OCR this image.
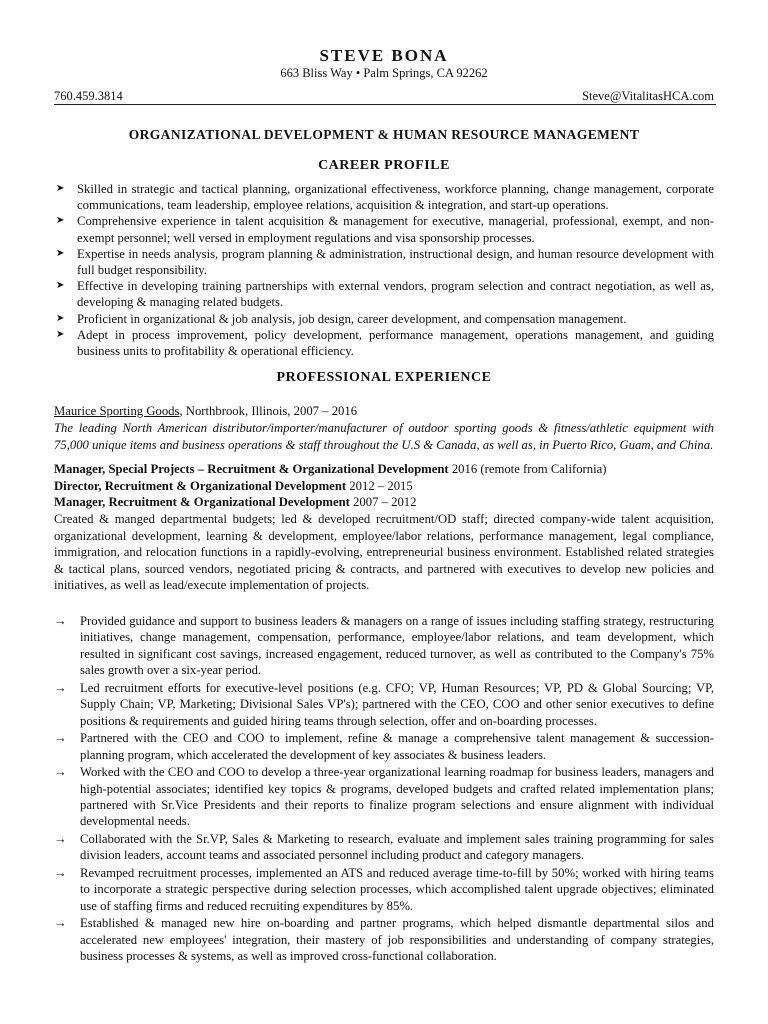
STEVE BONA
663 Bliss Way • Palm Springs, CA 92262
760.459.3814	Steve@VitalitasHCA.com
ORGANIZATIONAL DEVELOPMENT & HUMAN RESOURCE MANAGEMENT
CAREER PROFILE
➤ Skilled in strategic and tactical planning, organizational effectiveness, workforce planning, change management, corporate communications, team leadership, employee relations, acquisition & integration, and start-up operations.
➤ Comprehensive experience in talent acquisition & management for executive, managerial, professional, exempt, and non-exempt personnel; well versed in employment regulations and visa sponsorship processes.
➤ Expertise in needs analysis, program planning & administration, instructional design, and human resource development with full budget responsibility.
➤ Effective in developing training partnerships with external vendors, program selection and contract negotiation, as well as, developing & managing related budgets.
➤ Proficient in organizational & job analysis, job design, career development, and compensation management.
➤ Adept in process improvement, policy development, performance management, operations management, and guiding business units to profitability & operational efficiency.
PROFESSIONAL EXPERIENCE
Maurice Sporting Goods, Northbrook, Illinois, 2007 – 2016
The leading North American distributor/importer/manufacturer of outdoor sporting goods & fitness/athletic equipment with 75,000 unique items and business operations & staff throughout the U.S & Canada, as well as, in Puerto Rico, Guam, and China.
Manager, Special Projects – Recruitment & Organizational Development 2016 (remote from California)
Director, Recruitment & Organizational Development 2012 – 2015
Manager, Recruitment & Organizational Development 2007 – 2012
Created & manged departmental budgets; led & developed recruitment/OD staff; directed company-wide talent acquisition, organizational development, learning & development, employee/labor relations, performance management, legal compliance, immigration, and relocation functions in a rapidly-evolving, entrepreneurial business environment. Established related strategies & tactical plans, sourced vendors, negotiated pricing & contracts, and partnered with executives to develop new policies and initiatives, as well as lead/execute implementation of projects.
→ Provided guidance and support to business leaders & managers on a range of issues including staffing strategy, restructuring initiatives, change management, compensation, performance, employee/labor relations, and team development, which resulted in significant cost savings, increased engagement, reduced turnover, as well as contributed to the Company's 75% sales growth over a six-year period.
→ Led recruitment efforts for executive-level positions (e.g. CFO; VP, Human Resources; VP, PD & Global Sourcing; VP, Supply Chain; VP, Marketing; Divisional Sales VP's); partnered with the CEO, COO and other senior executives to define positions & requirements and guided hiring teams through selection, offer and on-boarding processes.
→ Partnered with the CEO and COO to implement, refine & manage a comprehensive talent management & succession-planning program, which accelerated the development of key associates & business leaders.
→ Worked with the CEO and COO to develop a three-year organizational learning roadmap for business leaders, managers and high-potential associates; identified key topics & programs, developed budgets and crafted related implementation plans; partnered with Sr.Vice Presidents and their reports to finalize program selections and ensure alignment with individual developmental needs.
→ Collaborated with the Sr.VP, Sales & Marketing to research, evaluate and implement sales training programming for sales division leaders, account teams and associated personnel including product and category managers.
→ Revamped recruitment processes, implemented an ATS and reduced average time-to-fill by 50%; worked with hiring teams to incorporate a strategic perspective during selection processes, which accomplished talent upgrade objectives; eliminated use of staffing firms and reduced recruiting expenditures by 85%.
→ Established & managed new hire on-boarding and partner programs, which helped dismantle departmental silos and accelerated new employees' integration, their mastery of job responsibilities and understanding of company strategies, business processes & systems, as well as improved cross-functional collaboration.
